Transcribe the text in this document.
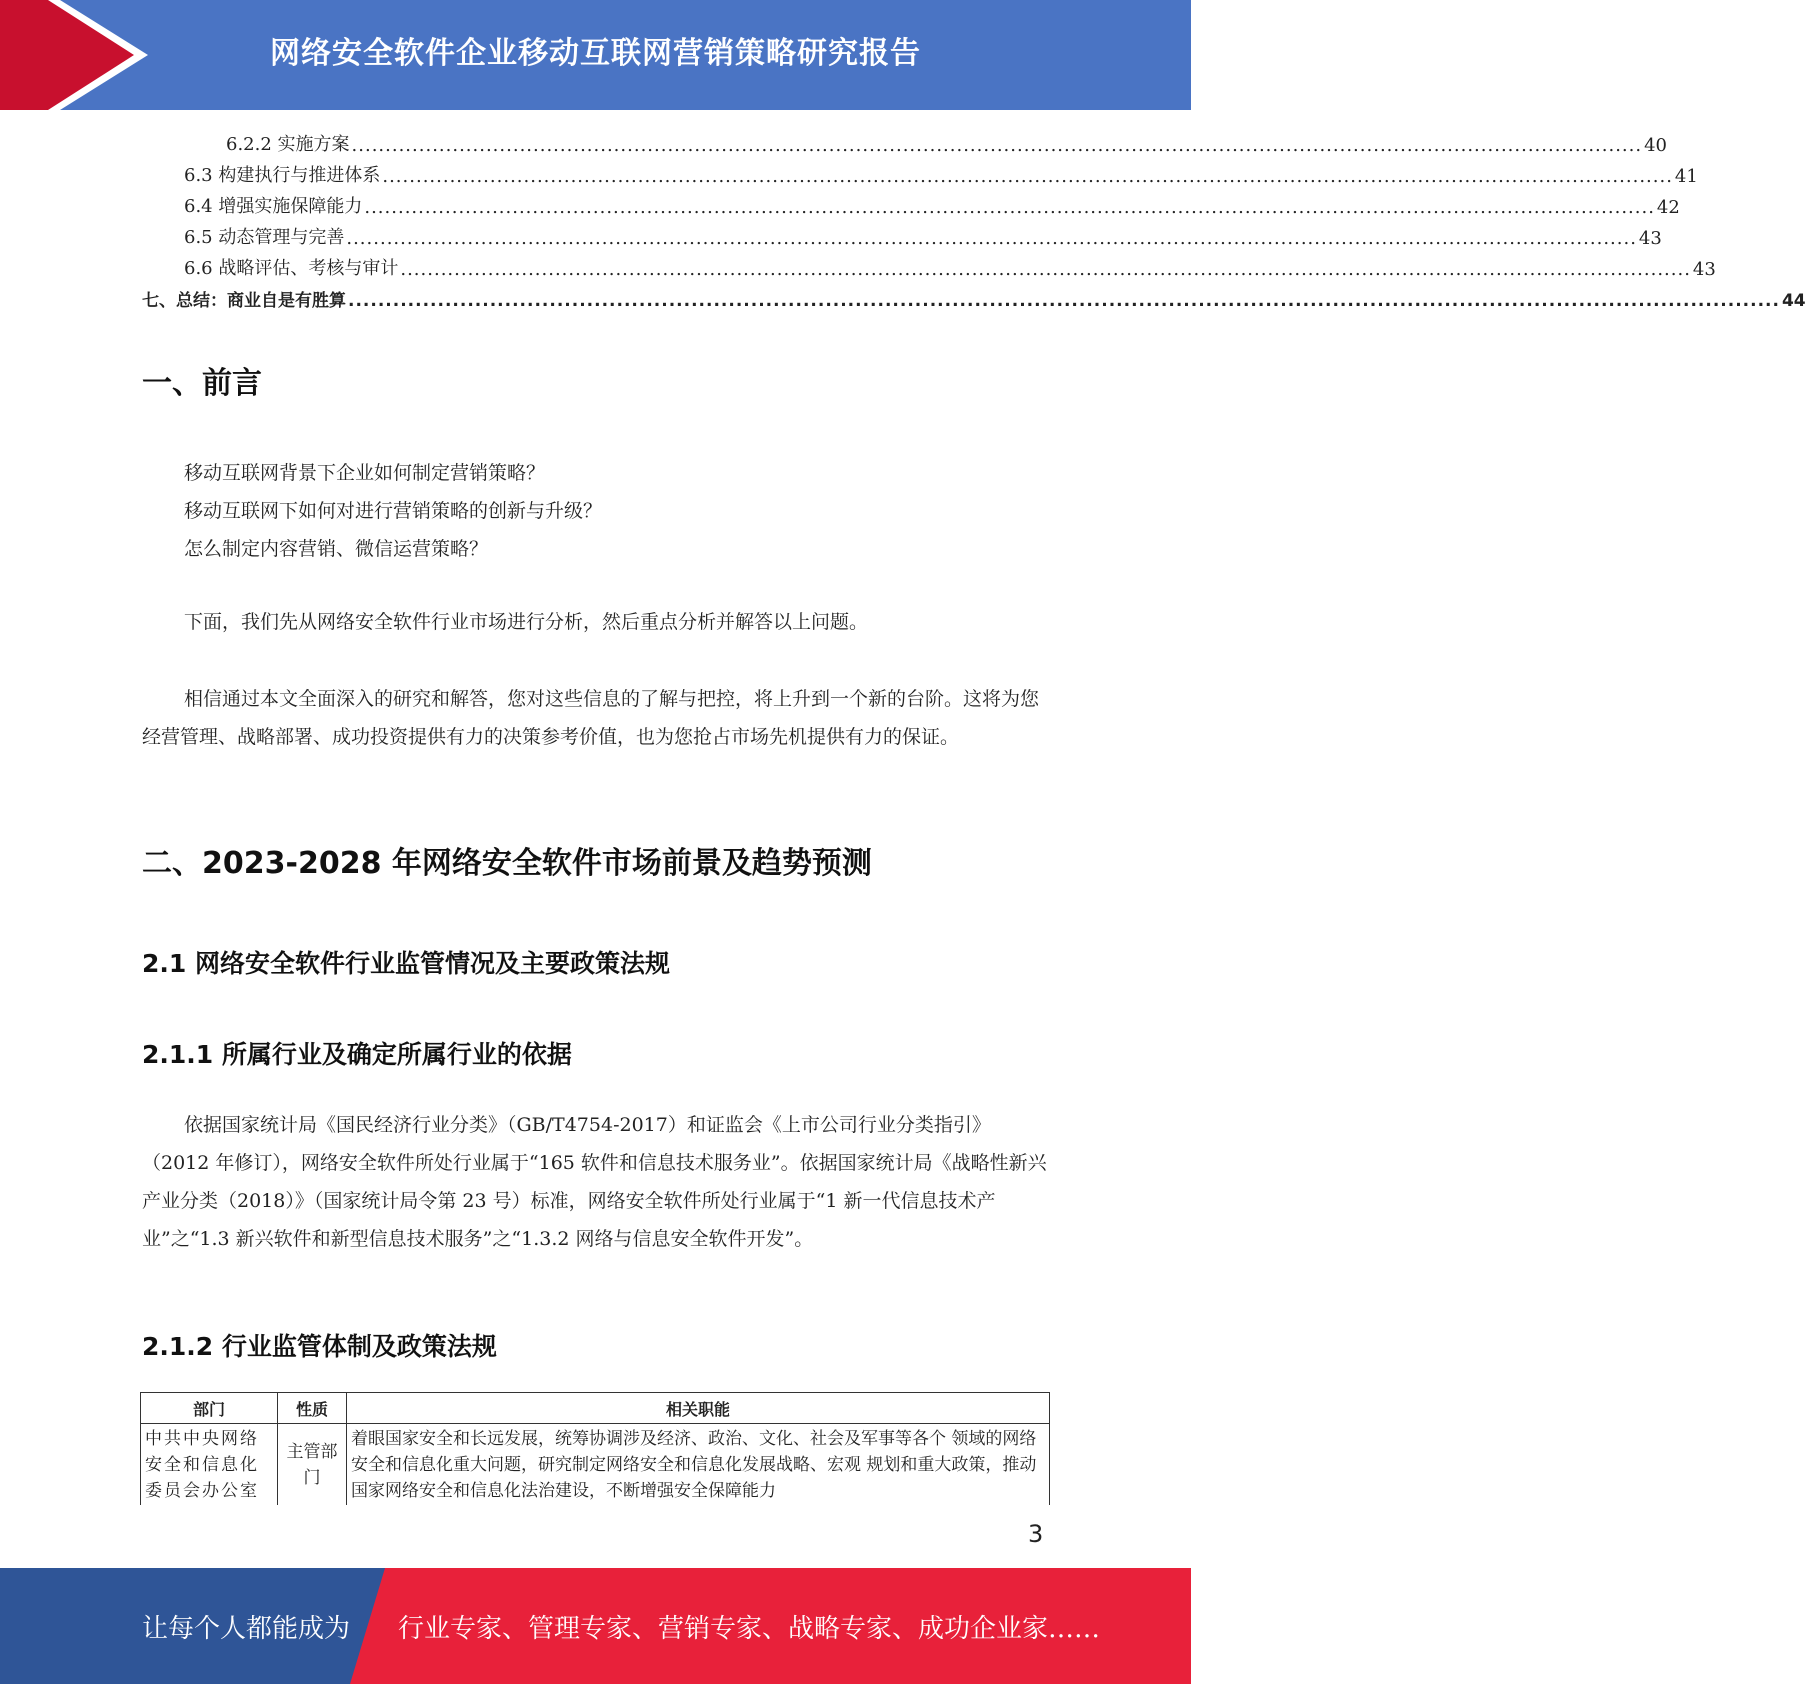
网络安全软件企业移动互联网营销策略研究报告
6.2.2 实施方案 ................................................................................................................................................................................................ 40
6.3 构建执行与推进体系 ................................................................................................................................................................................................ 41
6.4 增强实施保障能力 ................................................................................................................................................................................................ 42
6.5 动态管理与完善 ................................................................................................................................................................................................ 43
6.6 战略评估、考核与审计 ................................................................................................................................................................................................ 43
七、总结：商业自是有胜算 ................................................................................................................................................................................................ 44
一、前言

移动互联网背景下企业如何制定营销策略？

移动互联网下如何对进行营销策略的创新与升级？

怎么制定内容营销、微信运营策略？

下面，我们先从网络安全软件行业市场进行分析，然后重点分析并解答以上问题。

相信通过本文全面深入的研究和解答，您对这些信息的了解与把控，将上升到一个新的台阶。这将为您经营管理、战略部署、成功投资提供有力的决策参考价值，也为您抢占市场先机提供有力的保证。

二、2023-2028 年网络安全软件市场前景及趋势预测
2.1 网络安全软件行业监管情况及主要政策法规
2.1.1 所属行业及确定所属行业的依据

依据国家统计局《国民经济行业分类》（GB/T4754-2017）和证监会《上市公司行业分类指引》（2012 年修订），网络安全软件所处行业属于“165 软件和信息技术服务业”。依据国家统计局《战略性新兴产业分类（2018）》（国家统计局令第 23 号）标准，网络安全软件所处行业属于“1 新一代信息技术产业”之“1.3 新兴软件和新型信息技术服务”之“1.3.2 网络与信息安全软件开发”。

2.1.2 行业监管体制及政策法规
部门	性质	相关职能
中共中央网络安全和信息化委员会办公室	主管部门	着眼国家安全和长远发展，统筹协调涉及经济、政治、文化、社会及军事等各个 领域的网络安全和信息化重大问题，研究制定网络安全和信息化发展战略、宏观 规划和重大政策，推动国家网络安全和信息化法治建设，不断增强安全保障能力
3
让每个人都能成为 行业专家、管理专家、营销专家、战略专家、成功企业家……
